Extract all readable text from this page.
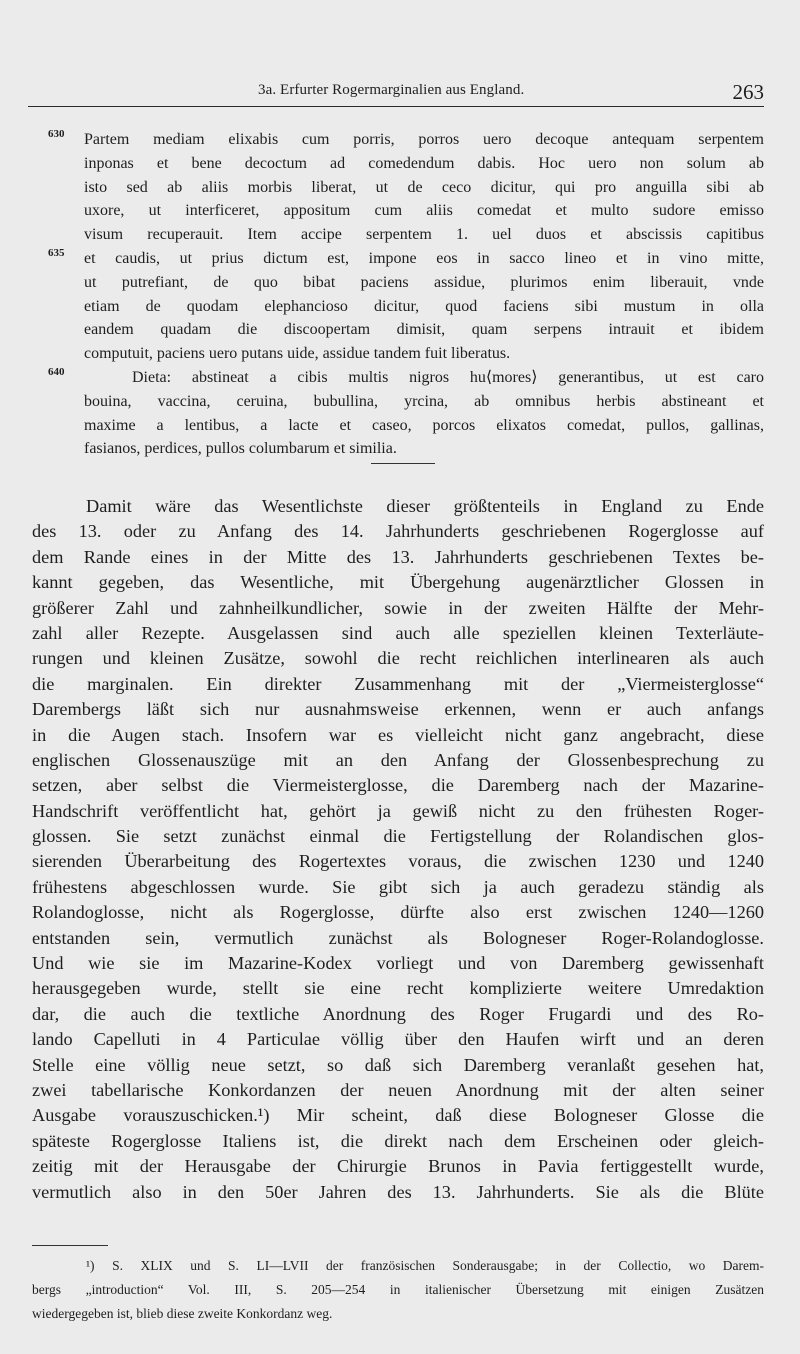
3a. Erfurter Rogermarginalien aus England.	263
630
635
640
Partem mediam elixabis cum porris, porros uero decoque antequam serpentem
inponas et bene decoctum ad comedendum dabis. Hoc uero non solum ab
isto sed ab aliis morbis liberat, ut de ceco dicitur, qui pro anguilla sibi ab
uxore, ut interficeret, appositum cum aliis comedat et multo sudore emisso
visum recuperauit. Item accipe serpentem 1. uel duos et abscissis capitibus
et caudis, ut prius dictum est, impone eos in sacco lineo et in vino mitte,
ut putrefiant, de quo bibat paciens assidue, plurimos enim liberauit, vnde
etiam de quodam elephancioso dicitur, quod faciens sibi mustum in olla
eandem quadam die discoopertam dimisit, quam serpens intrauit et ibidem
computuit, paciens uero putans uide, assidue tandem fuit liberatus.
Dieta: abstineat a cibis multis nigros hu⟨mores⟩ generantibus, ut est caro
bouina, vaccina, ceruina, bubullina, yrcina, ab omnibus herbis abstineant et
maxime a lentibus, a lacte et caseo, porcos elixatos comedat, pullos, gallinas,
fasianos, perdices, pullos columbarum et similia.
Damit wäre das Wesentlichste dieser größtenteils in England zu Ende
des 13. oder zu Anfang des 14. Jahrhunderts geschriebenen Rogerglosse auf
dem Rande eines in der Mitte des 13. Jahrhunderts geschriebenen Textes be-
kannt gegeben, das Wesentliche, mit Übergehung augenärztlicher Glossen in
größerer Zahl und zahnheilkundlicher, sowie in der zweiten Hälfte der Mehr-
zahl aller Rezepte. Ausgelassen sind auch alle speziellen kleinen Texterläute-
rungen und kleinen Zusätze, sowohl die recht reichlichen interlinearen als auch
die marginalen. Ein direkter Zusammenhang mit der „Viermeisterglosse“
Darembergs läßt sich nur ausnahmsweise erkennen, wenn er auch anfangs
in die Augen stach. Insofern war es vielleicht nicht ganz angebracht, diese
englischen Glossenauszüge mit an den Anfang der Glossenbesprechung zu
setzen, aber selbst die Viermeisterglosse, die Daremberg nach der Mazarine-
Handschrift veröffentlicht hat, gehört ja gewiß nicht zu den frühesten Roger-
glossen. Sie setzt zunächst einmal die Fertigstellung der Rolandischen glos-
sierenden Überarbeitung des Rogertextes voraus, die zwischen 1230 und 1240
frühestens abgeschlossen wurde. Sie gibt sich ja auch geradezu ständig als
Rolandoglosse, nicht als Rogerglosse, dürfte also erst zwischen 1240—1260
entstanden sein, vermutlich zunächst als Bologneser Roger-Rolandoglosse.
Und wie sie im Mazarine-Kodex vorliegt und von Daremberg gewissenhaft
herausgegeben wurde, stellt sie eine recht komplizierte weitere Umredaktion
dar, die auch die textliche Anordnung des Roger Frugardi und des Ro-
lando Capelluti in 4 Particulae völlig über den Haufen wirft und an deren
Stelle eine völlig neue setzt, so daß sich Daremberg veranlaßt gesehen hat,
zwei tabellarische Konkordanzen der neuen Anordnung mit der alten seiner
Ausgabe vorauszuschicken.¹) Mir scheint, daß diese Bologneser Glosse die
späteste Rogerglosse Italiens ist, die direkt nach dem Erscheinen oder gleich-
zeitig mit der Herausgabe der Chirurgie Brunos in Pavia fertiggestellt wurde,
vermutlich also in den 50er Jahren des 13. Jahrhunderts. Sie als die Blüte
¹) S. XLIX und S. LI—LVII der französischen Sonderausgabe; in der Collectio, wo Darem-
bergs „introduction“ Vol. III, S. 205—254 in italienischer Übersetzung mit einigen Zusätzen
wiedergegeben ist, blieb diese zweite Konkordanz weg.
